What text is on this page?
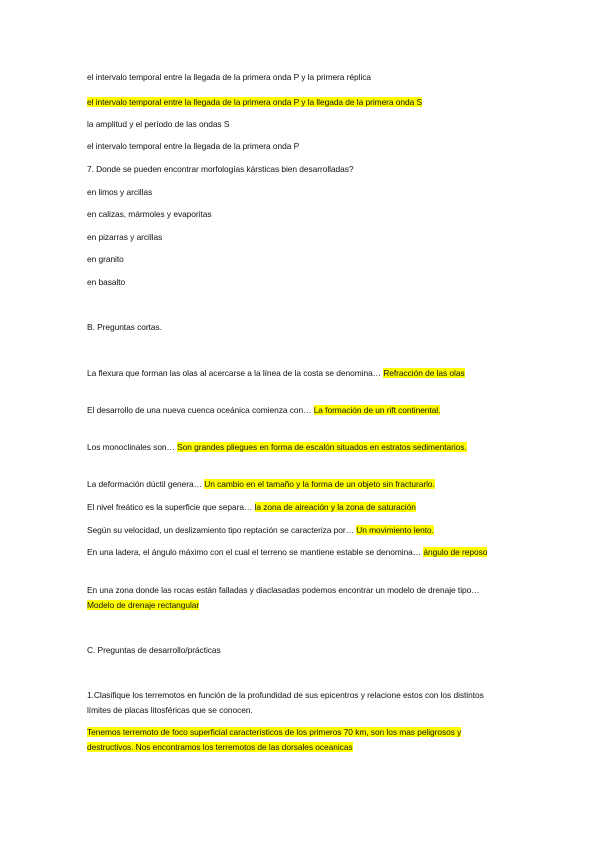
el intervalo temporal entre la llegada de la primera onda P y la primera réplica
el intervalo temporal entre la llegada de la primera onda P y la llegada de la primera onda S
la amplitud y el período de las ondas S
el intervalo temporal entre la llegada de la primera onda P
7. Donde se pueden encontrar morfologías kársticas bien desarrolladas?
en limos y arcillas
en calizas, mármoles y evaporitas
en pizarras y arcillas
en granito
en basalto
B. Preguntas cortas.
La flexura que forman las olas al acercarse a la línea de la costa se denomina… Refracción de las olas
El desarrollo de una nueva cuenca oceánica comienza con… La formación de un rift continental.
Los monoclinales son… Son grandes pliegues en forma de escalón situados en estratos sedimentarios.
La deformación dúctil genera… Un cambio en el tamaño y la forma de un objeto sin fracturarlo.
El nivel freático es la superficie que separa… la zona de aireación y la zona de saturación
Según su velocidad, un deslizamiento tipo reptación se caracteriza por… Un movimiento lento.
En una ladera, el ángulo máximo con el cual el terreno se mantiene estable se denomina… ángulo de reposo
En una zona donde las rocas están falladas y diaclasadas podemos encontrar un modelo de drenaje tipo… Modelo de drenaje rectangular
C. Preguntas de desarrollo/prácticas
1.Clasifique los terremotos en función de la profundidad de sus epicentros y relacione estos con los distintos límites de placas litosféricas que se conocen.
Tenemos terremoto de foco superficial característicos de los primeros 70 km, son los mas peligrosos y destructivos. Nos encontramos los terremotos de las dorsales oceanicas
